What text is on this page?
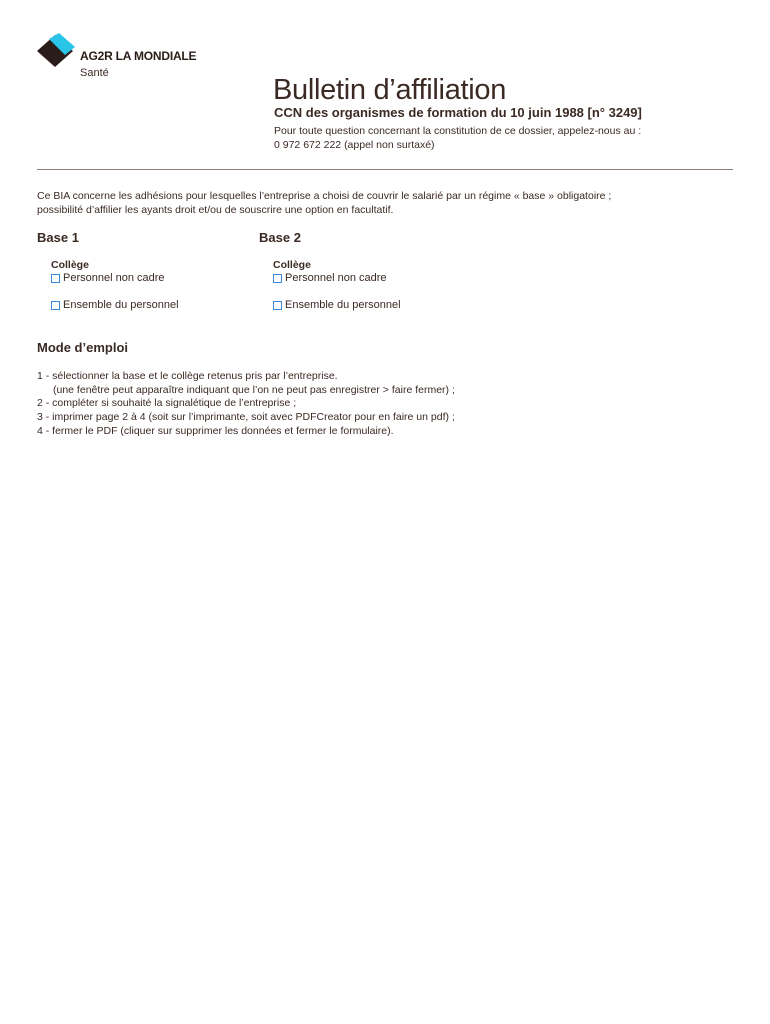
AG2R LA MONDIALE
Santé
Bulletin d’affiliation
CCN des organismes de formation du 10 juin 1988 [n° 3249]
Pour toute question concernant la constitution de ce dossier, appelez-nous au :
0 972 672 222 (appel non surtaxé)
Ce BIA concerne les adhésions pour lesquelles l’entreprise a choisi de couvrir le salarié par un régime « base » obligatoire ;
possibilité d’affilier les ayants droit et/ou de souscrire une option en facultatif.
Base 1
Collège
Personnel non cadre
Ensemble du personnel
Base 2
Collège
Personnel non cadre
Ensemble du personnel
Mode d’emploi
1 - sélectionner la base et le collège retenus pris par l’entreprise.
(une fenêtre peut apparaître indiquant que l’on ne peut pas enregistrer > faire fermer) ;
2 - compléter si souhaité la signalétique de l’entreprise ;
3 - imprimer page 2 à 4 (soit sur l’imprimante, soit avec PDFCreator pour en faire un pdf) ;
4 - fermer le PDF (cliquer sur supprimer les données et fermer le formulaire).
